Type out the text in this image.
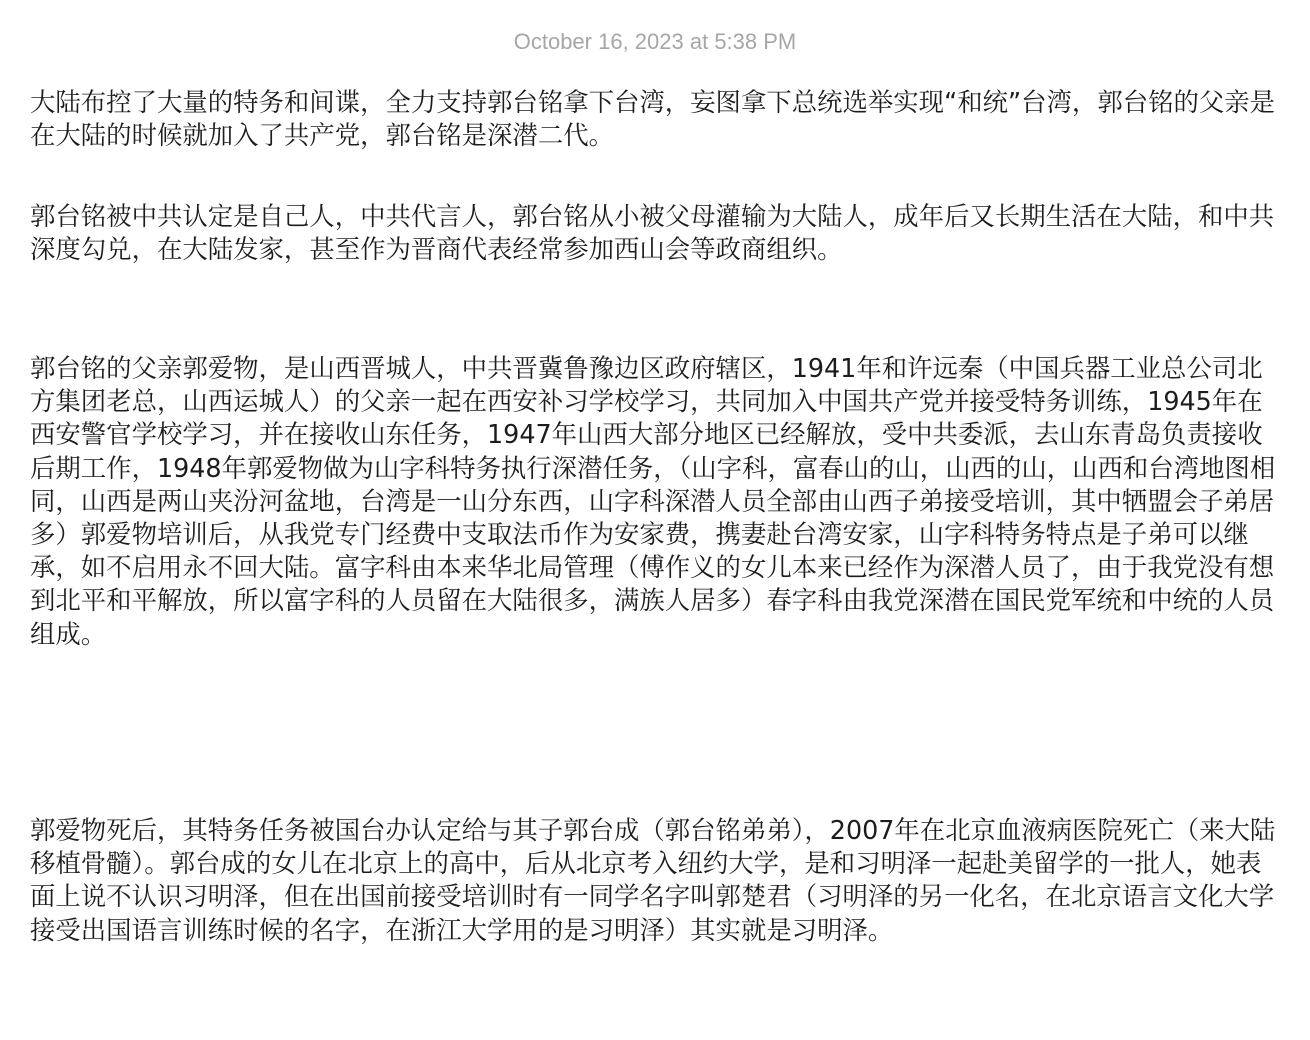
October 16, 2023 at 5:38 PM

大陆布控了大量的特务和间谍，全力支持郭台铭拿下台湾，妄图拿下总统选举实现“和统”台湾，郭台铭的父亲是在大陆的时候就加入了共产党，郭台铭是深潜二代。

郭台铭被中共认定是自己人，中共代言人，郭台铭从小被父母灌输为大陆人，成年后又长期生活在大陆，和中共深度勾兑，在大陆发家，甚至作为晋商代表经常参加西山会等政商组织。

郭台铭的父亲郭爱物，是山西晋城人，中共晋冀鲁豫边区政府辖区，1941年和许远秦（中国兵器工业总公司北方集团老总，山西运城人）的父亲一起在西安补习学校学习，共同加入中国共产党并接受特务训练，1945年在西安警官学校学习，并在接收山东任务，1947年山西大部分地区已经解放，受中共委派，去山东青岛负责接收后期工作，1948年郭爱物做为山字科特务执行深潜任务，（山字科，富春山的山，山西的山，山西和台湾地图相同，山西是两山夹汾河盆地，台湾是一山分东西，山字科深潜人员全部由山西子弟接受培训，其中牺盟会子弟居多）郭爱物培训后，从我党专门经费中支取法币作为安家费，携妻赴台湾安家，山字科特务特点是子弟可以继承，如不启用永不回大陆。富字科由本来华北局管理（傅作义的女儿本来已经作为深潜人员了，由于我党没有想到北平和平解放，所以富字科的人员留在大陆很多，满族人居多）春字科由我党深潜在国民党军统和中统的人员组成。

郭爱物死后，其特务任务被国台办认定给与其子郭台成（郭台铭弟弟），2007年在北京血液病医院死亡（来大陆移植骨髓）。郭台成的女儿在北京上的高中，后从北京考入纽约大学，是和习明泽一起赴美留学的一批人，她表面上说不认识习明泽，但在出国前接受培训时有一同学名字叫郭楚君（习明泽的另一化名，在北京语言文化大学接受出国语言训练时候的名字，在浙江大学用的是习明泽）其实就是习明泽。
